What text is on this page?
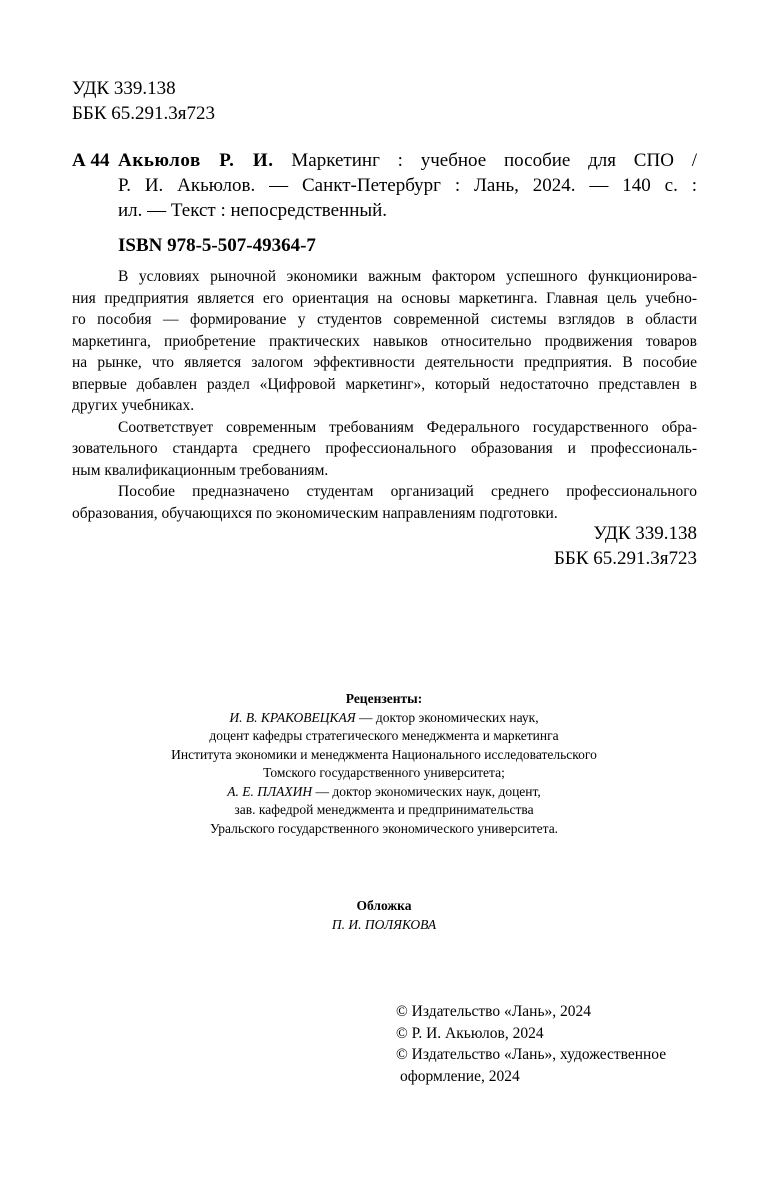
УДК 339.138
ББК 65.291.3я723
А 44 Акьюлов Р. И. Маркетинг : учебное пособие для СПО /
Р. И. Акьюлов. — Санкт-Петербург : Лань, 2024. — 140 с. :
ил. — Текст : непосредственный.
ISBN 978-5-507-49364-7
В условиях рыночной экономики важным фактором успешного функционирова-
ния предприятия является его ориентация на основы маркетинга. Главная цель учебно-
го пособия — формирование у студентов современной системы взглядов в области
маркетинга, приобретение практических навыков относительно продвижения товаров
на рынке, что является залогом эффективности деятельности предприятия. В пособие
впервые добавлен раздел «Цифровой маркетинг», который недостаточно представлен в
других учебниках.
Соответствует современным требованиям Федерального государственного обра-
зовательного стандарта среднего профессионального образования и профессиональ-
ным квалификационным требованиям.
Пособие предназначено студентам организаций среднего профессионального
образования, обучающихся по экономическим направлениям подготовки.
УДК 339.138
ББК 65.291.3я723
Рецензенты:
И. В. КРАКОВЕЦКАЯ — доктор экономических наук,
доцент кафедры стратегического менеджмента и маркетинга
Института экономики и менеджмента Национального исследовательского
Томского государственного университета;
А. Е. ПЛАХИН — доктор экономических наук, доцент,
зав. кафедрой менеджмента и предпринимательства
Уральского государственного экономического университета.
Обложка
П. И. ПОЛЯКОВА
© Издательство «Лань», 2024
© Р. И. Акьюлов, 2024
© Издательство «Лань», художественное
оформление, 2024
